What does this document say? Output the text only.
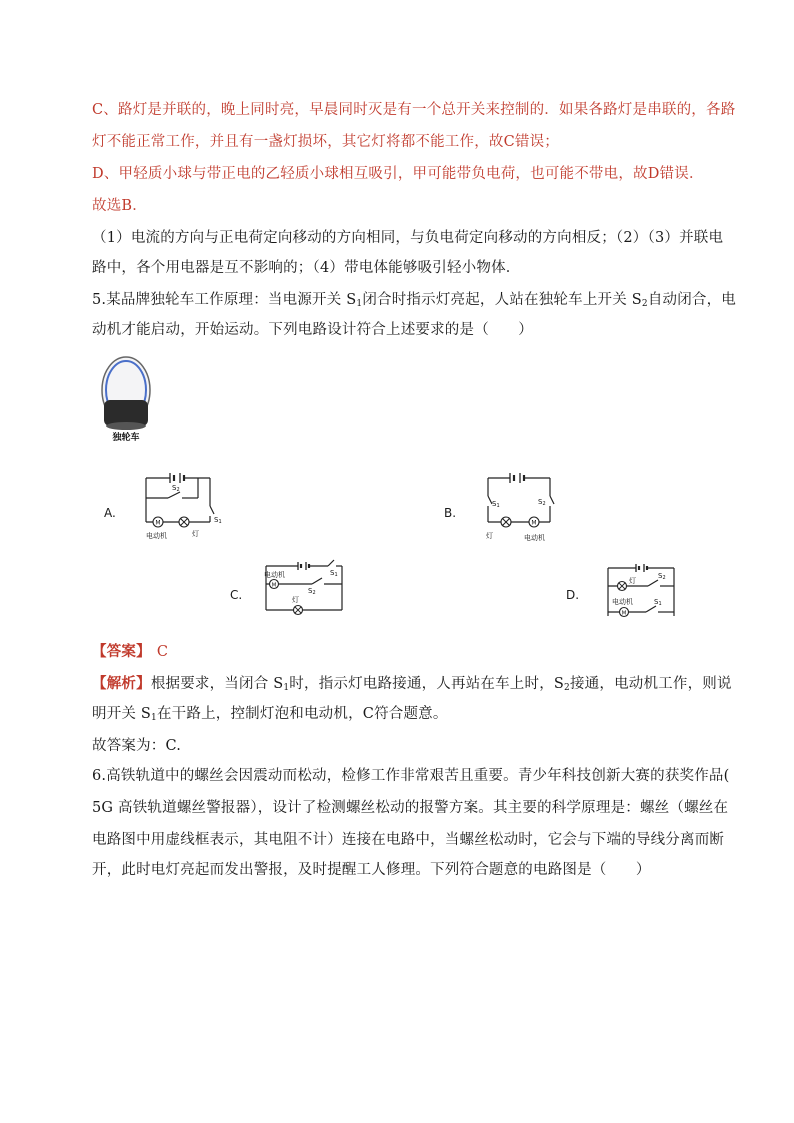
C、路灯是并联的，晚上同时亮，早晨同时灭是有一个总开关来控制的．如果各路灯是串联的，各路
灯不能正常工作，并且有一盏灯损坏，其它灯将都不能工作，故C错误；
D、甲轻质小球与带正电的乙轻质小球相互吸引，甲可能带负电荷，也可能不带电，故D错误．
故选B．
（1）电流的方向与正电荷定向移动的方向相同，与负电荷定向移动的方向相反；（2）（3）并联电
路中，各个用电器是互不影响的；（4）带电体能够吸引轻小物体．
5.某品牌独轮车工作原理：当电源开关 $S_1$闭合时指示灯亮起，人站在独轮车上开关 $S_2$自动闭合，电
动机才能启动，开始运动。下列电路设计符合上述要求的是（　　）
独轮车
A.
S2
S1
M
电动机	灯
B.
S1	S2
M
灯	电动机
C.
S1
M
电动机
S2
灯	D.
灯
S2
M
电动机	S1
【答案】 C
【解析】根据要求，当闭合 $S_1$时，指示灯电路接通，人再站在车上时，$S_2$接通，电动机工作，则说
明开关 $S_1$在干路上，控制灯泡和电动机，C符合题意。
故答案为：C.
6.高铁轨道中的螺丝会因震动而松动，检修工作非常艰苦且重要。青少年科技创新大赛的获奖作品(
5G 高铁轨道螺丝警报器），设计了检测螺丝松动的报警方案。其主要的科学原理是：螺丝（螺丝在
电路图中用虚线框表示，其电阻不计）连接在电路中，当螺丝松动时，它会与下端的导线分离而断
开，此时电灯亮起而发出警报，及时提醒工人修理。下列符合题意的电路图是（　　）
